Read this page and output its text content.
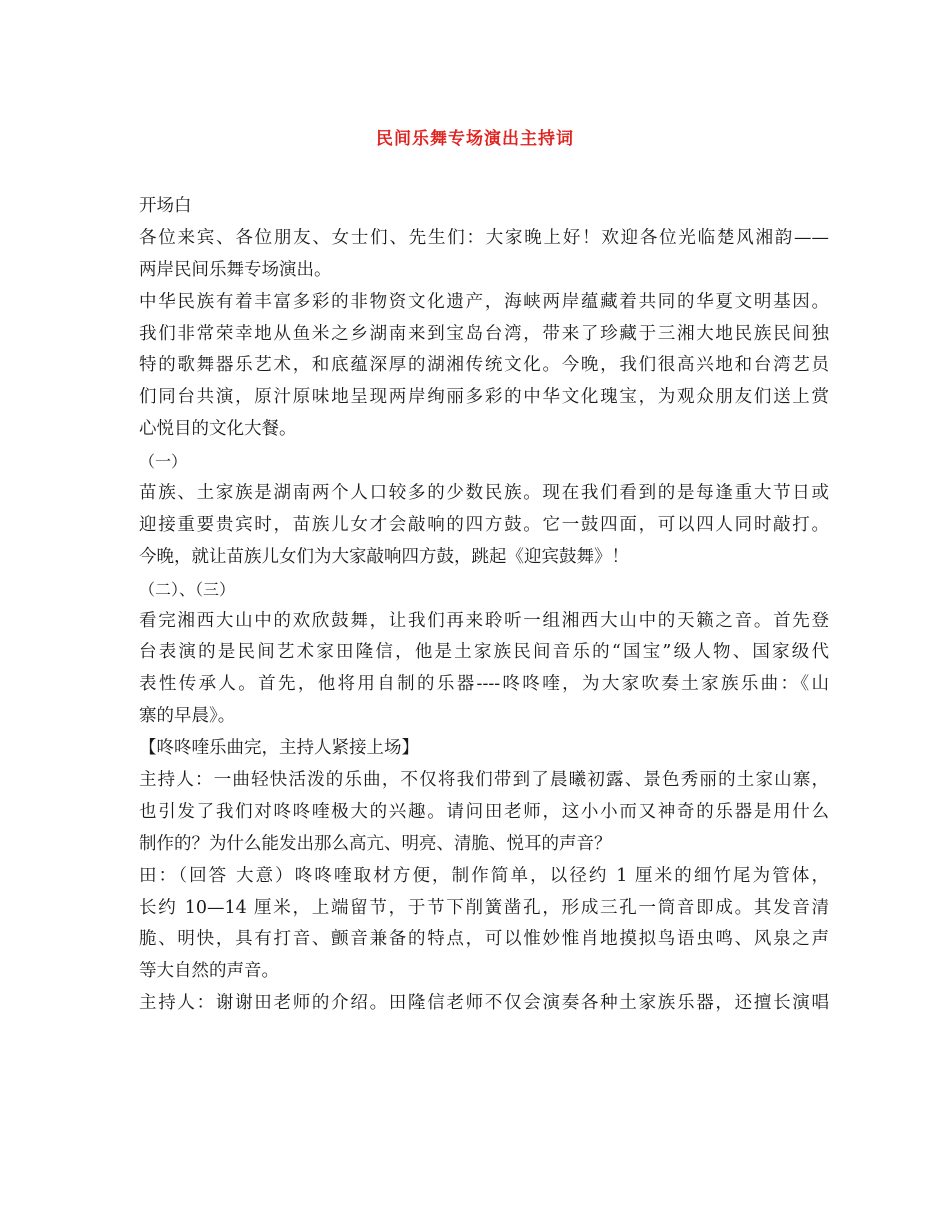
民间乐舞专场演出主持词
开场白
各位来宾、各位朋友、女士们、先生们：大家晚上好！欢迎各位光临楚风湘韵——
两岸民间乐舞专场演出。
中华民族有着丰富多彩的非物资文化遗产，海峡两岸蕴藏着共同的华夏文明基因。
我们非常荣幸地从鱼米之乡湖南来到宝岛台湾，带来了珍藏于三湘大地民族民间独
特的歌舞器乐艺术，和底蕴深厚的湖湘传统文化。今晚，我们很高兴地和台湾艺员
们同台共演，原汁原味地呈现两岸绚丽多彩的中华文化瑰宝，为观众朋友们送上赏
心悦目的文化大餐。
（一）
苗族、土家族是湖南两个人口较多的少数民族。现在我们看到的是每逢重大节日或
迎接重要贵宾时，苗族儿女才会敲响的四方鼓。它一鼓四面，可以四人同时敲打。
今晚，就让苗族儿女们为大家敲响四方鼓，跳起《迎宾鼓舞》！
（二）、（三）
看完湘西大山中的欢欣鼓舞，让我们再来聆听一组湘西大山中的天籁之音。首先登
台表演的是民间艺术家田隆信，他是土家族民间音乐的“国宝”级人物、国家级代
表性传承人。首先，他将用自制的乐器----咚咚喹，为大家吹奏土家族乐曲：《山
寨的早晨》。
【咚咚喹乐曲完，主持人紧接上场】
主持人：一曲轻快活泼的乐曲，不仅将我们带到了晨曦初露、景色秀丽的土家山寨，
也引发了我们对咚咚喹极大的兴趣。请问田老师，这小小而又神奇的乐器是用什么
制作的？为什么能发出那么高亢、明亮、清脆、悦耳的声音？
田：（回答 大意）咚咚喹取材方便，制作简单，以径约 1 厘米的细竹尾为管体，
长约 10—14 厘米，上端留节，于节下削簧凿孔，形成三孔一筒音即成。其发音清
脆、明快，具有打音、颤音兼备的特点，可以惟妙惟肖地摸拟鸟语虫鸣、风泉之声
等大自然的声音。
主持人：谢谢田老师的介绍。田隆信老师不仅会演奏各种土家族乐器，还擅长演唱
